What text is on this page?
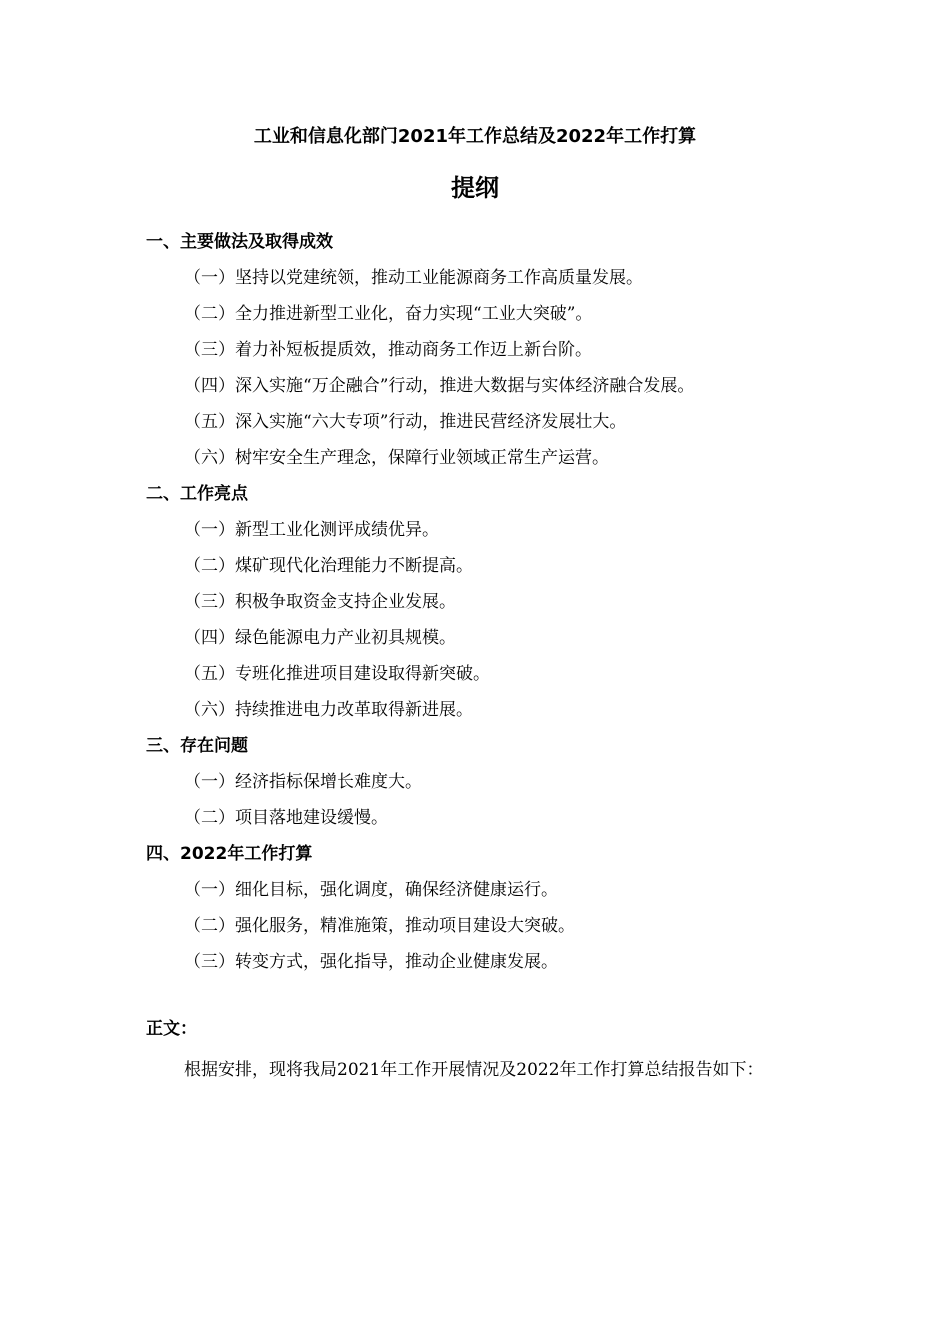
工业和信息化部门2021年工作总结及2022年工作打算
提纲
一、主要做法及取得成效
（一）坚持以党建统领，推动工业能源商务工作高质量发展。
（二）全力推进新型工业化，奋力实现“工业大突破”。
（三）着力补短板提质效，推动商务工作迈上新台阶。
（四）深入实施“万企融合”行动，推进大数据与实体经济融合发展。
（五）深入实施“六大专项”行动，推进民营经济发展壮大。
（六）树牢安全生产理念，保障行业领域正常生产运营。
二、工作亮点
（一）新型工业化测评成绩优异。
（二）煤矿现代化治理能力不断提高。
（三）积极争取资金支持企业发展。
（四）绿色能源电力产业初具规模。
（五）专班化推进项目建设取得新突破。
（六）持续推进电力改革取得新进展。
三、存在问题
（一）经济指标保增长难度大。
（二）项目落地建设缓慢。
四、2022年工作打算
（一）细化目标，强化调度，确保经济健康运行。
（二）强化服务，精准施策，推动项目建设大突破。
（三）转变方式，强化指导，推动企业健康发展。
正文：

根据安排，现将我局2021年工作开展情况及2022年工作打算总结报告如下：
